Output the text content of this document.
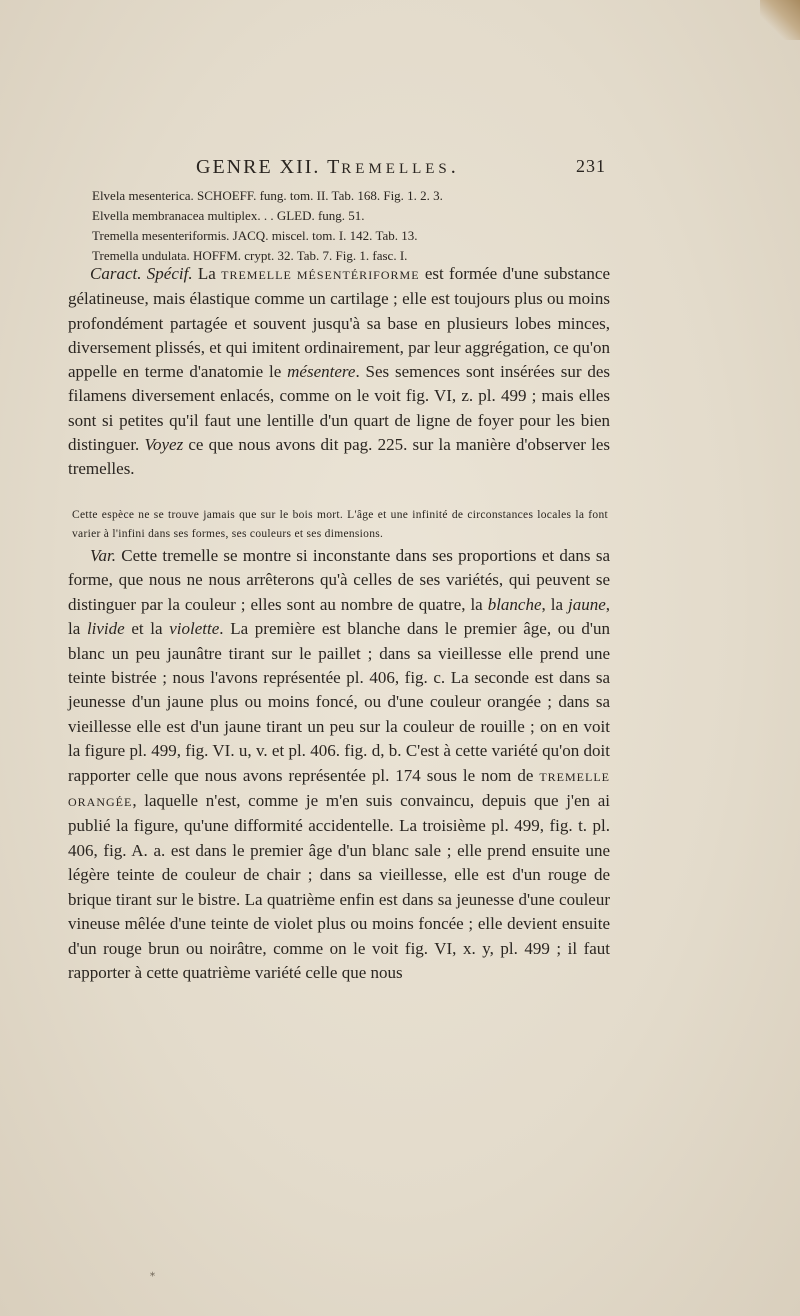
GENRE XII. TREMELLES.	231
Elvela mesenterica. SCHOEFF. fung. tom. II. Tab. 168. Fig. 1. 2. 3.
Elvella membranacea multiplex. . . GLED. fung. 51.
Tremella mesenteriformis. JACQ. miscel. tom. I. 142. Tab. 13.
Tremella undulata. HOFFM. crypt. 32. Tab. 7. Fig. 1. fasc. I.

Caract. Spécif. La TREMELLE MÉSENTÉRIFORME est formée d'une substance gélatineuse, mais élastique comme un cartilage ; elle est toujours plus ou moins profondément partagée et souvent jusqu'à sa base en plusieurs lobes minces, diversement plissés, et qui imitent ordinairement, par leur aggrégation, ce qu'on appelle en terme d'anatomie le mésentere. Ses semences sont insérées sur des filamens diversement enlacés, comme on le voit fig. VI, z. pl. 499 ; mais elles sont si petites qu'il faut une lentille d'un quart de ligne de foyer pour les bien distinguer. Voyez ce que nous avons dit pag. 225. sur la manière d'observer les tremelles.

Cette espèce ne se trouve jamais que sur le bois mort. L'âge et une infinité de circonstances locales la font varier à l'infini dans ses formes, ses couleurs et ses dimensions.

Var. Cette tremelle se montre si inconstante dans ses proportions et dans sa forme, que nous ne nous arrêterons qu'à celles de ses variétés, qui peuvent se distinguer par la couleur ; elles sont au nombre de quatre, la blanche, la jaune, la livide et la violette. La première est blanche dans le premier âge, ou d'un blanc un peu jaunâtre tirant sur le paillet ; dans sa vieillesse elle prend une teinte bistrée ; nous l'avons représentée pl. 406, fig. c. La seconde est dans sa jeunesse d'un jaune plus ou moins foncé, ou d'une couleur orangée ; dans sa vieillesse elle est d'un jaune tirant un peu sur la couleur de rouille ; on en voit la figure pl. 499, fig. VI. u, v. et pl. 406. fig. d, b. C'est à cette variété qu'on doit rapporter celle que nous avons représentée pl. 174 sous le nom de TREMELLE ORANGÉE, laquelle n'est, comme je m'en suis convaincu, depuis que j'en ai publié la figure, qu'une difformité accidentelle. La troisième pl. 499, fig. t. pl. 406, fig. A. a. est dans le premier âge d'un blanc sale ; elle prend ensuite une légère teinte de couleur de chair ; dans sa vieillesse, elle est d'un rouge de brique tirant sur le bistre. La quatrième enfin est dans sa jeunesse d'une couleur vineuse mêlée d'une teinte de violet plus ou moins foncée ; elle devient ensuite d'un rouge brun ou noirâtre, comme on le voit fig. VI, x. y, pl. 499 ; il faut rapporter à cette quatrième variété celle que nous

⁎
